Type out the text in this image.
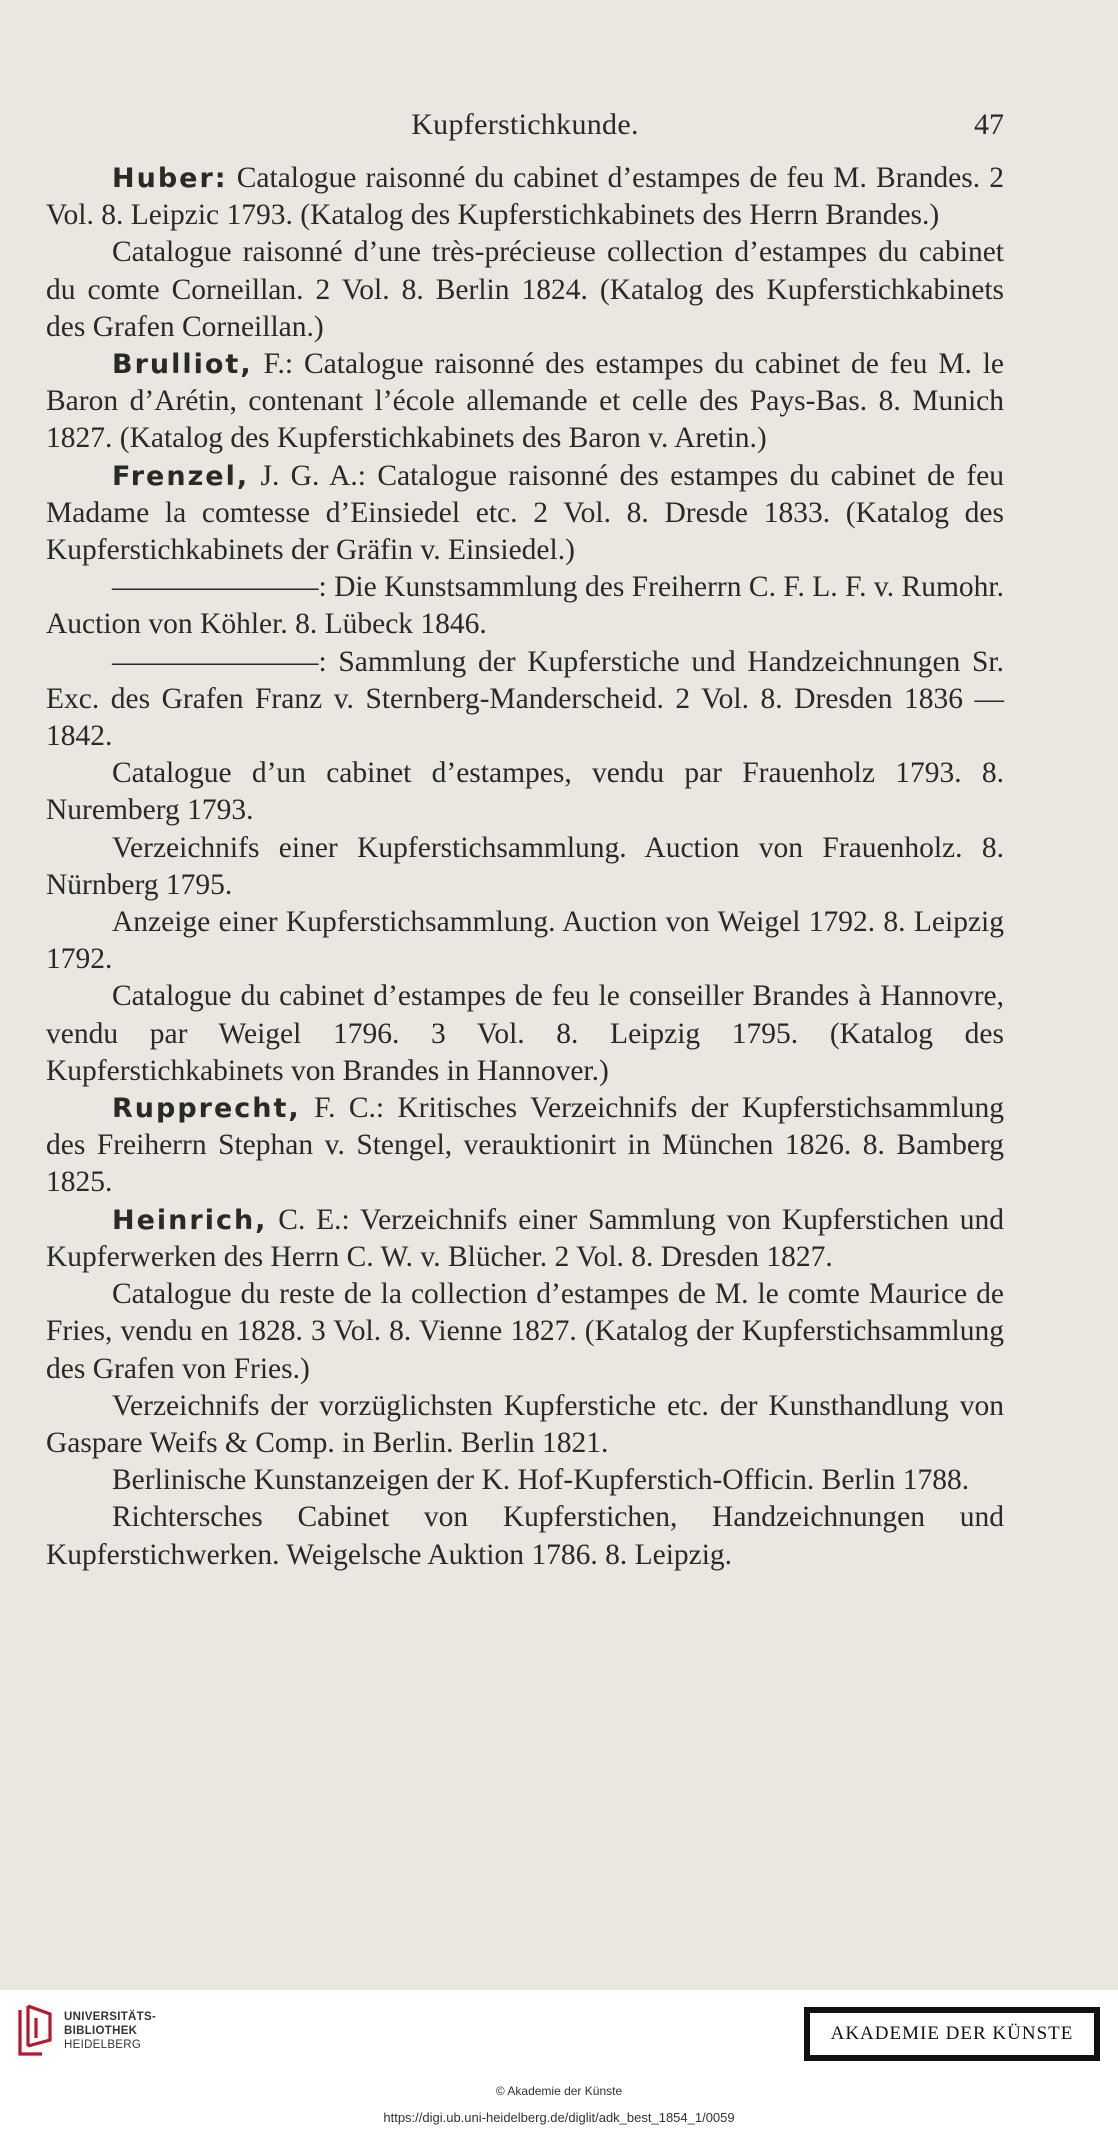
Kupferstichkunde.	47

Huber: Catalogue raisonné du cabinet d’estampes de feu M. Brandes. 2 Vol. 8. Leipzic 1793. (Katalog des Kupferstichkabinets des Herrn Brandes.)

Catalogue raisonné d’une très-précieuse collection d’estampes du cabinet du comte Corneillan. 2 Vol. 8. Berlin 1824. (Katalog des Kupferstichkabinets des Grafen Corneillan.)

Brulliot, F.: Catalogue raisonné des estampes du cabinet de feu M. le Baron d’Arétin, contenant l’école allemande et celle des Pays-Bas. 8. Munich 1827. (Katalog des Kupferstichkabinets des Baron v. Aretin.)

Frenzel, J. G. A.: Catalogue raisonné des estampes du cabinet de feu Madame la comtesse d’Einsiedel etc. 2 Vol. 8. Dresde 1833. (Katalog des Kupferstichkabinets der Gräfin v. Einsiedel.)

———————: Die Kunstsammlung des Freiherrn C. F. L. F. v. Rumohr. Auction von Köhler. 8. Lübeck 1846.

———————: Sammlung der Kupferstiche und Handzeichnungen Sr. Exc. des Grafen Franz v. Sternberg-Manderscheid. 2 Vol. 8. Dresden 1836 — 1842.

Catalogue d’un cabinet d’estampes, vendu par Frauenholz 1793. 8. Nuremberg 1793.

Verzeichnifs einer Kupferstichsammlung. Auction von Frauenholz. 8. Nürnberg 1795.

Anzeige einer Kupferstichsammlung. Auction von Weigel 1792. 8. Leipzig 1792.

Catalogue du cabinet d’estampes de feu le conseiller Brandes à Hannovre, vendu par Weigel 1796. 3 Vol. 8. Leipzig 1795. (Katalog des Kupferstichkabinets von Brandes in Hannover.)

Rupprecht, F. C.: Kritisches Verzeichnifs der Kupferstichsammlung des Freiherrn Stephan v. Stengel, verauktionirt in München 1826. 8. Bamberg 1825.

Heinrich, C. E.: Verzeichnifs einer Sammlung von Kupferstichen und Kupferwerken des Herrn C. W. v. Blücher. 2 Vol. 8. Dresden 1827.

Catalogue du reste de la collection d’estampes de M. le comte Maurice de Fries, vendu en 1828. 3 Vol. 8. Vienne 1827. (Katalog der Kupferstichsammlung des Grafen von Fries.)

Verzeichnifs der vorzüglichsten Kupferstiche etc. der Kunsthandlung von Gaspare Weifs & Comp. in Berlin. Berlin 1821.

Berlinische Kunstanzeigen der K. Hof-Kupferstich-Officin. Berlin 1788.

Richtersches Cabinet von Kupferstichen, Handzeichnungen und Kupferstichwerken. Weigelsche Auktion 1786. 8. Leipzig.

UNIVERSITÄTS-
BIBLIOTHEK
HEIDELBERG
AKADEMIE DER KÜNSTE
© Akademie der Künste
https://digi.ub.uni-heidelberg.de/diglit/adk_best_1854_1/0059
